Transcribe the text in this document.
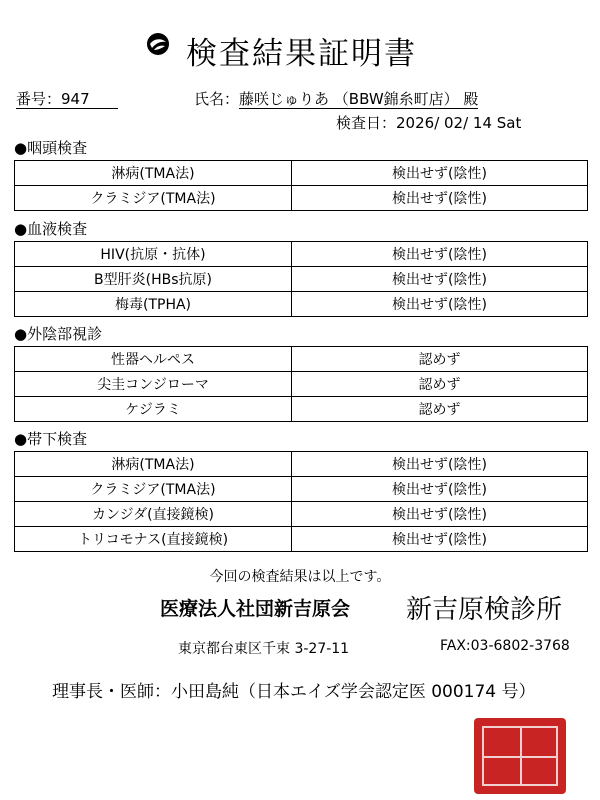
検査結果証明書
番号：947	氏名：藤咲じゅりあ （BBW錦糸町店） 殿
検査日：2026/ 02/ 14 Sat
●咽頭検査
淋病(TMA法)	検出せず(陰性)
クラミジア(TMA法)	検出せず(陰性)
●血液検査
HIV(抗原・抗体)	検出せず(陰性)
B型肝炎(HBs抗原)	検出せず(陰性)
梅毒(TPHA)	検出せず(陰性)
●外陰部視診
性器ヘルペス	認めず
尖圭コンジローマ	認めず
ケジラミ	認めず
●帯下検査
淋病(TMA法)	検出せず(陰性)
クラミジア(TMA法)	検出せず(陰性)
カンジダ(直接鏡検)	検出せず(陰性)
トリコモナス(直接鏡検)	検出せず(陰性)
今回の検査結果は以上です。
医療法人社団新吉原会 新吉原検診所
東京都台東区千束 3-27-11	FAX:03-6802-3768
理事長・医師：小田島純（日本エイズ学会認定医 000174 号）
